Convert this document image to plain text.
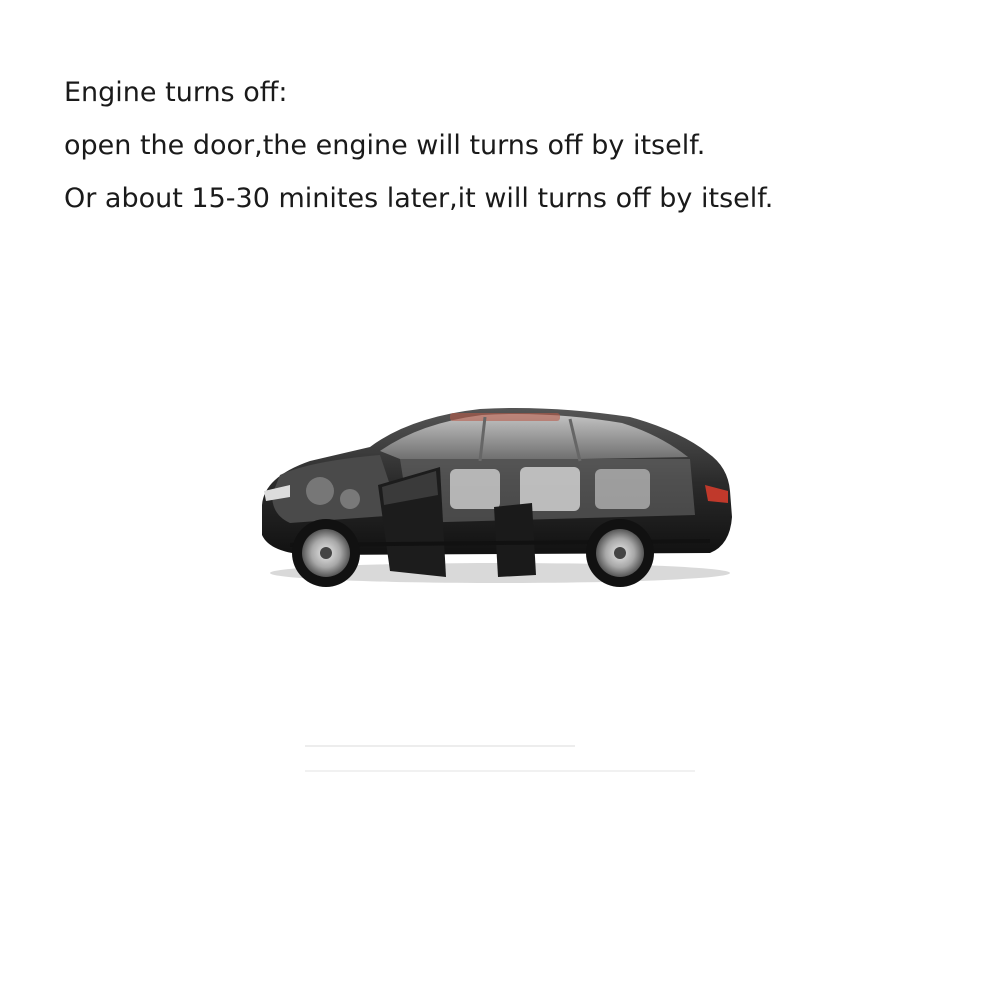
Engine turns off:
open the door,the engine will turns off by itself.
Or about 15-30 minites later,it will turns off by itself.
